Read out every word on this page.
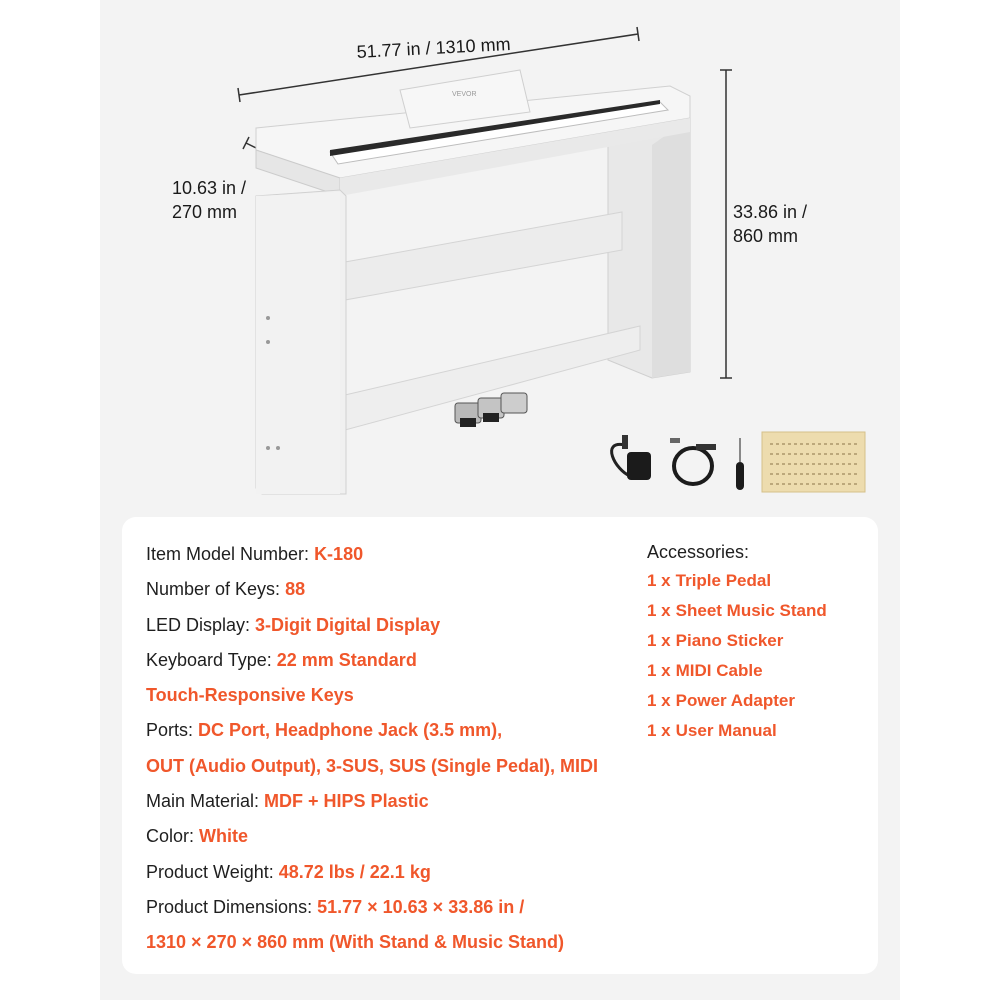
VEVOR
51.77 in / 1310 mm
10.63 in /
270 mm	33.86 in /
860 mm
Item Model Number: K-180
Number of Keys: 88
LED Display: 3-Digit Digital Display
Keyboard Type: 22 mm Standard
Touch-Responsive Keys
Ports: DC Port, Headphone Jack (3.5 mm),
OUT (Audio Output), 3-SUS, SUS (Single Pedal), MIDI
Main Material: MDF + HIPS Plastic
Color: White
Product Weight: 48.72 lbs / 22.1 kg
Product Dimensions: 51.77 × 10.63 × 33.86 in /
1310 × 270 × 860 mm (With Stand & Music Stand)
Accessories:
1 x Triple Pedal
1 x Sheet Music Stand
1 x Piano Sticker
1 x MIDI Cable
1 x Power Adapter
1 x User Manual
